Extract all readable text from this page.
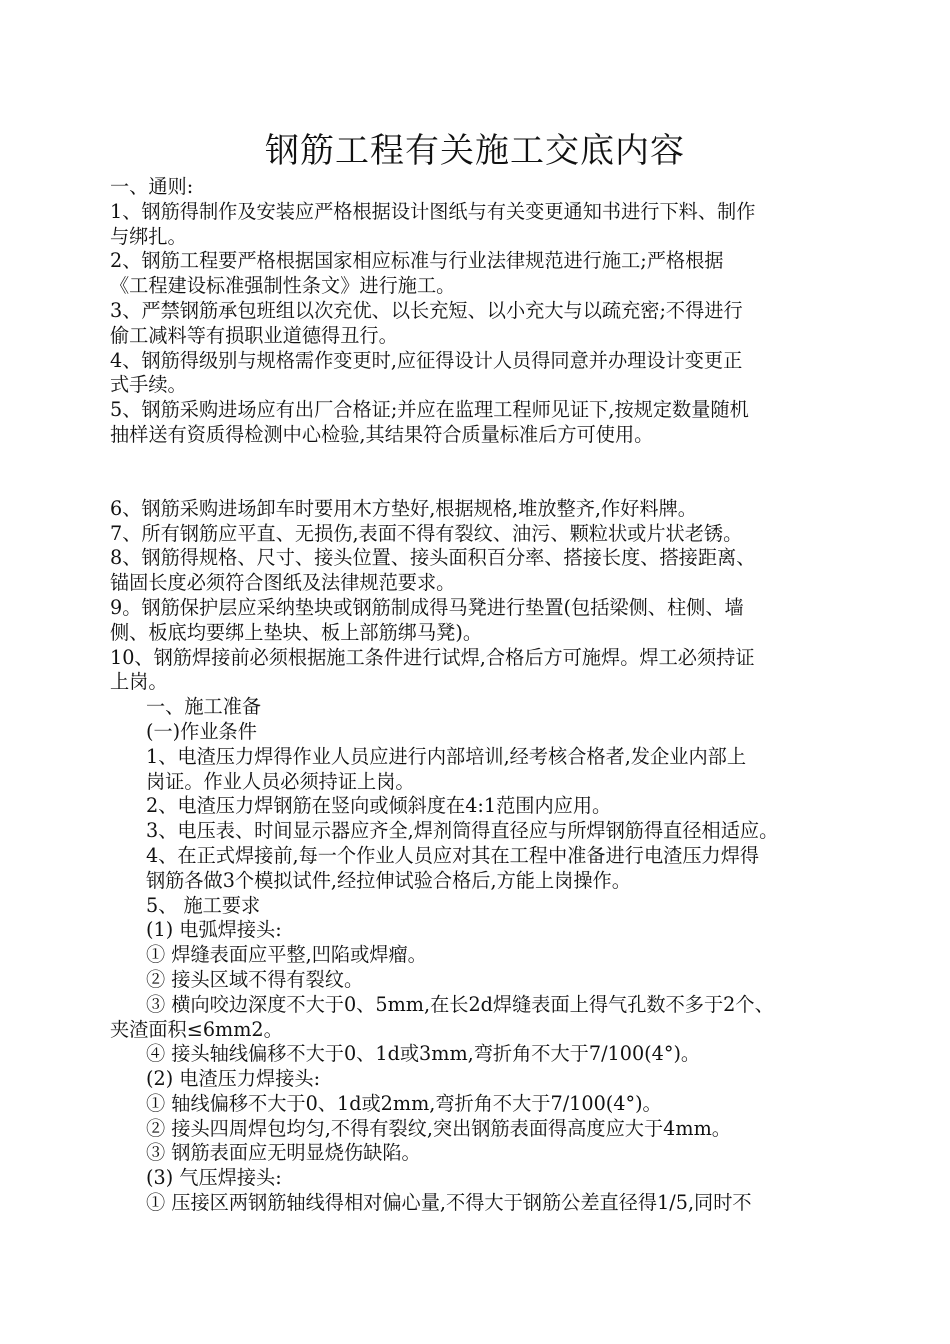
钢筋工程有关施工交底内容

一、通则:

1、钢筋得制作及安装应严格根据设计图纸与有关变更通知书进行下料、制作

与绑扎。

2、钢筋工程要严格根据国家相应标准与行业法律规范进行施工;严格根据

《工程建设标准强制性条文》进行施工。

3、严禁钢筋承包班组以次充优、以长充短、以小充大与以疏充密;不得进行

偷工减料等有损职业道德得丑行。

4、钢筋得级别与规格需作变更时,应征得设计人员得同意并办理设计变更正

式手续。

5、钢筋采购进场应有出厂合格证;并应在监理工程师见证下,按规定数量随机

抽样送有资质得检测中心检验,其结果符合质量标准后方可使用。

6、钢筋采购进场卸车时要用木方垫好,根据规格,堆放整齐,作好料牌。

7、所有钢筋应平直、无损伤,表面不得有裂纹、油污、颗粒状或片状老锈。

8、钢筋得规格、尺寸、接头位置、接头面积百分率、搭接长度、搭接距离、

锚固长度必须符合图纸及法律规范要求。

9。钢筋保护层应采纳垫块或钢筋制成得马凳进行垫置(包括梁侧、柱侧、墙

侧、板底均要绑上垫块、板上部筋绑马凳)。

10、钢筋焊接前必须根据施工条件进行试焊,合格后方可施焊。焊工必须持证

上岗。

一、施工准备

(一)作业条件

1、电渣压力焊得作业人员应进行内部培训,经考核合格者,发企业内部上

岗证。作业人员必须持证上岗。

2、电渣压力焊钢筋在竖向或倾斜度在4:1范围内应用。

3、电压表、时间显示器应齐全,焊剂筒得直径应与所焊钢筋得直径相适应。

4、在正式焊接前,每一个作业人员应对其在工程中准备进行电渣压力焊得

钢筋各做3个模拟试件,经拉伸试验合格后,方能上岗操作。

5、 施工要求

(1) 电弧焊接头:

① 焊缝表面应平整,凹陷或焊瘤。

② 接头区域不得有裂纹。

③ 横向咬边深度不大于0、5mm,在长2d焊缝表面上得气孔数不多于2个、

夹渣面积≤6mm2。

④ 接头轴线偏移不大于0、1d或3mm,弯折角不大于7/100(4°)。

(2) 电渣压力焊接头:

① 轴线偏移不大于0、1d或2mm,弯折角不大于7/100(4°)。

② 接头四周焊包均匀,不得有裂纹,突出钢筋表面得高度应大于4mm。

③ 钢筋表面应无明显烧伤缺陷。

(3) 气压焊接头:

① 压接区两钢筋轴线得相对偏心量,不得大于钢筋公差直径得1/5,同时不
